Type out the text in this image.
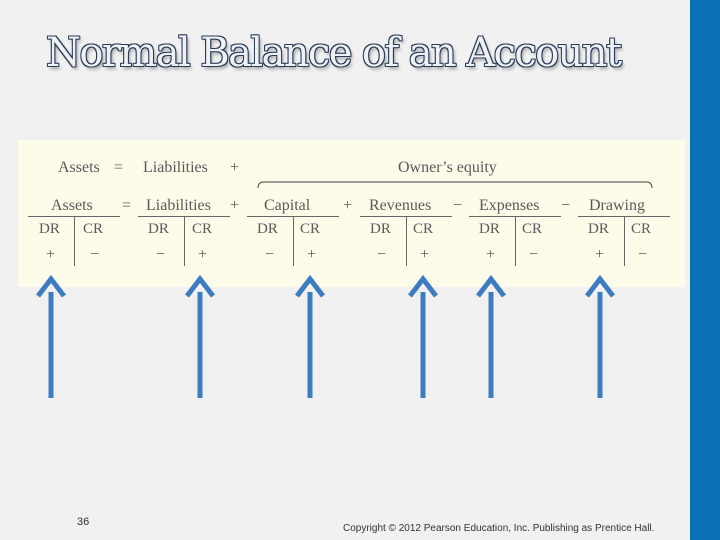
Normal Balance of an Account
Assets = Liabilities +	Owner’s equity
Assets = Liabilities + Capital + Revenues − Expenses − Drawing
DR CR
+ −
DR CR
− +
DR CR
− +
DR CR
− +
DR CR
+ −
DR CR
+ −
36
Copyright © 2012 Pearson Education, Inc. Publishing as Prentice Hall.
